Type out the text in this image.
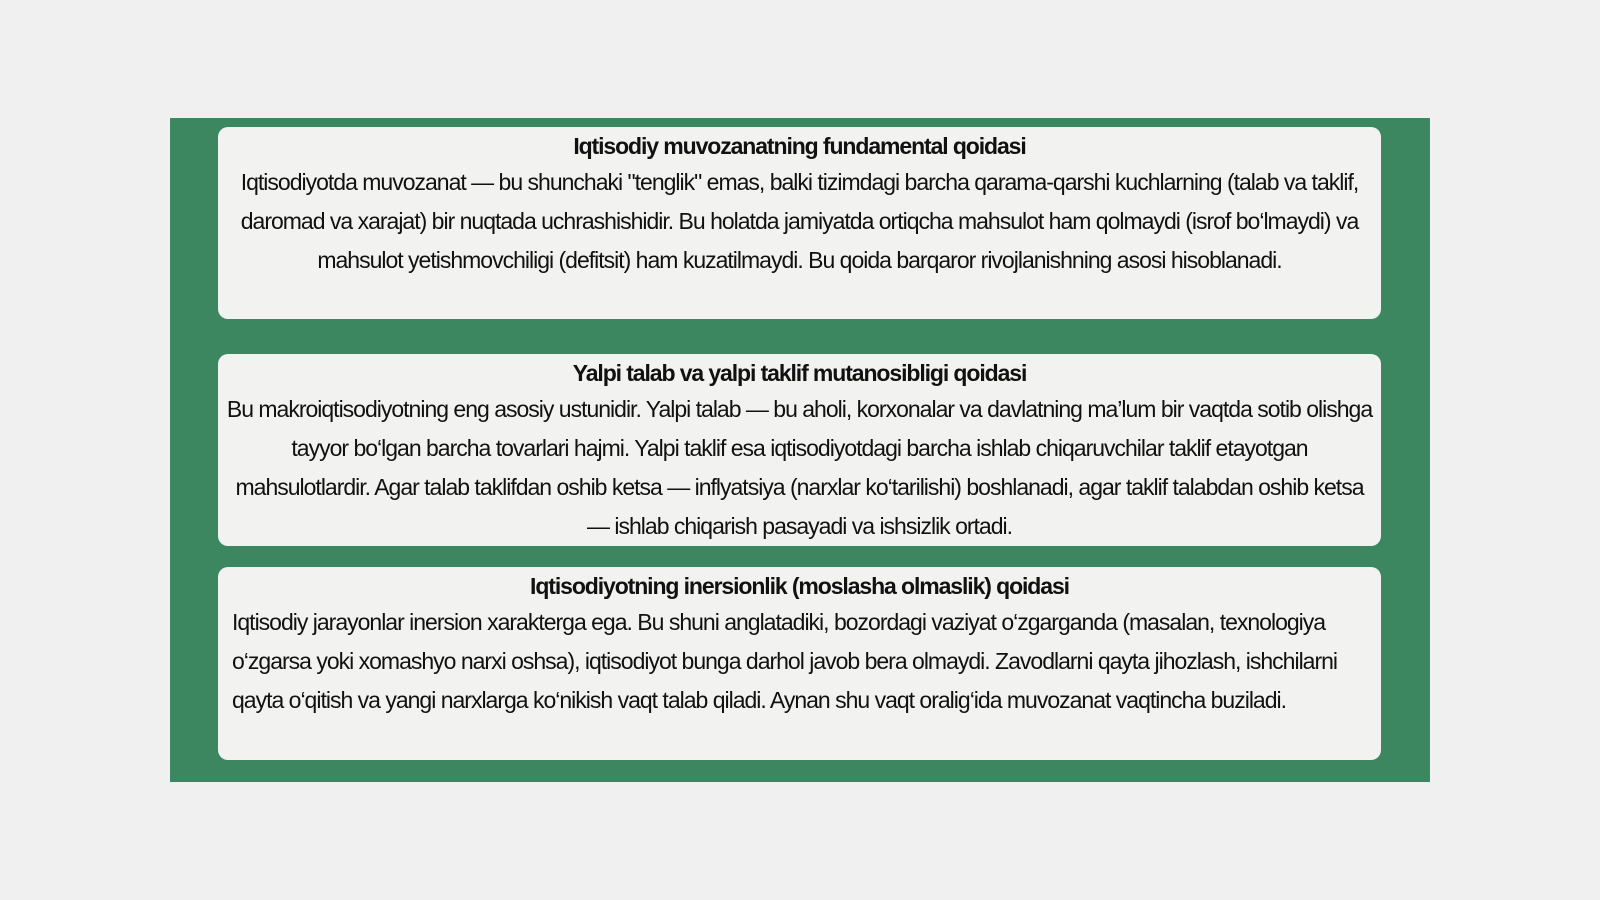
Iqtisodiy muvozanatning fundamental qoidasi

Iqtisodiyotda muvozanat — bu shunchaki "tenglik" emas, balki tizimdagi barcha qarama-qarshi kuchlarning (talab va taklif, daromad va xarajat) bir nuqtada uchrashishidir. Bu holatda jamiyatda ortiqcha mahsulot ham qolmaydi (isrof bo‘lmaydi) va mahsulot yetishmovchiligi (defitsit) ham kuzatilmaydi. Bu qoida barqaror rivojlanishning asosi hisoblanadi.

Yalpi talab va yalpi taklif mutanosibligi qoidasi

Bu makroiqtisodiyotning eng asosiy ustunidir. Yalpi talab — bu aholi, korxonalar va davlatning ma’lum bir vaqtda sotib olishga tayyor bo‘lgan barcha tovarlari hajmi. Yalpi taklif esa iqtisodiyotdagi barcha ishlab chiqaruvchilar taklif etayotgan mahsulotlardir. Agar talab taklifdan oshib ketsa — inflyatsiya (narxlar ko‘tarilishi) boshlanadi, agar taklif talabdan oshib ketsa — ishlab chiqarish pasayadi va ishsizlik ortadi.

Iqtisodiyotning inersionlik (moslasha olmaslik) qoidasi

Iqtisodiy jarayonlar inersion xarakterga ega. Bu shuni anglatadiki, bozordagi vaziyat o‘zgarganda (masalan, texnologiya o‘zgarsa yoki xomashyo narxi oshsa), iqtisodiyot bunga darhol javob bera olmaydi. Zavodlarni qayta jihozlash, ishchilarni qayta o‘qitish va yangi narxlarga ko‘nikish vaqt talab qiladi. Aynan shu vaqt oralig‘ida muvozanat vaqtincha buziladi.
